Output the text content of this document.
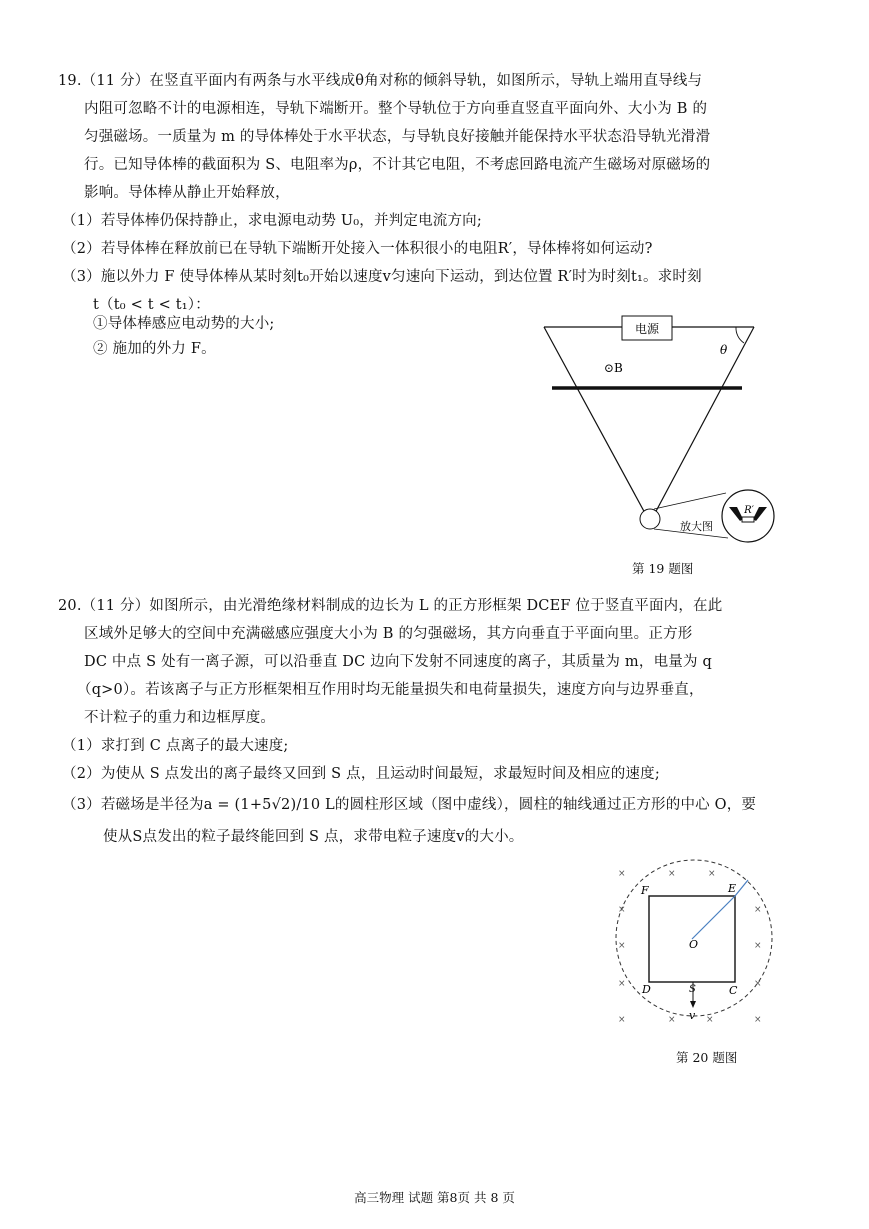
19.（11 分）在竖直平面内有两条与水平线成θ角对称的倾斜导轨，如图所示，导轨上端用直导线与
内阻可忽略不计的电源相连，导轨下端断开。整个导轨位于方向垂直竖直平面向外、大小为 B 的
匀强磁场。一质量为 m 的导体棒处于水平状态，与导轨良好接触并能保持水平状态沿导轨光滑滑
行。已知导体棒的截面积为 S、电阻率为ρ，不计其它电阻，不考虑回路电流产生磁场对原磁场的
影响。导体棒从静止开始释放，
（1）若导体棒仍保持静止，求电源电动势 U₀，并判定电流方向;
（2）若导体棒在释放前已在导轨下端断开处接入一体积很小的电阻R′，导体棒将如何运动?
（3）施以外力 F 使导体棒从某时刻t₀开始以速度v匀速向下运动，到达位置 R′时为时刻t₁。求时刻
t（t₀ < t < t₁）：
①导体棒感应电动势的大小;
② 施加的外力 F。
电源
θ
⊙B
放大图
R′
第 19 题图
20.（11 分）如图所示，由光滑绝缘材料制成的边长为 L 的正方形框架 DCEF 位于竖直平面内，在此
区域外足够大的空间中充满磁感应强度大小为 B 的匀强磁场，其方向垂直于平面向里。正方形
DC 中点 S 处有一离子源，可以沿垂直 DC 边向下发射不同速度的离子，其质量为 m，电量为 q
（q>0）。若该离子与正方形框架相互作用时均无能量损失和电荷量损失，速度方向与边界垂直，
不计粒子的重力和边框厚度。
（1）求打到 C 点离子的最大速度;
（2）为使从 S 点发出的离子最终又回到 S 点，且运动时间最短，求最短时间及相应的速度;
（3）若磁场是半径为a = (1+5√2)/10 L的圆柱形区域（图中虚线），圆柱的轴线通过正方形的中心 O，要
使从S点发出的粒子最终能回到 S 点，求带电粒子速度v的大小。
F	E
O
D	C
S
v
×	×	×
×	×
×	×
×	×
×	×	×	×
第 20 题图
高三物理 试题 第8页 共 8 页
